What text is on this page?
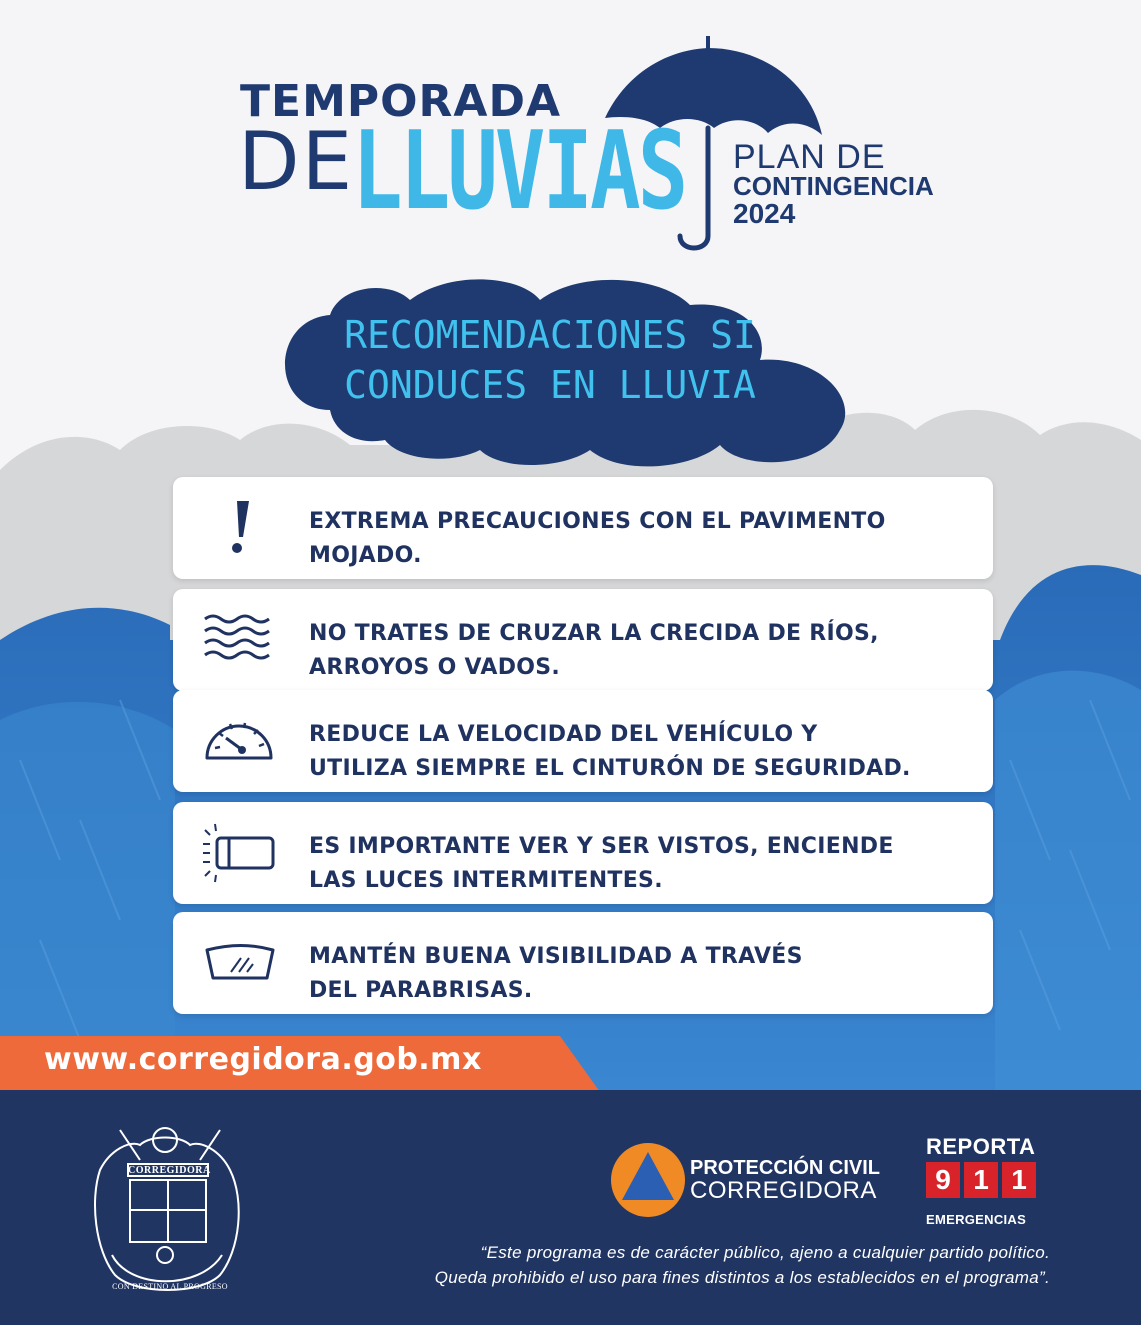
TEMPORADA
DE
LLUVIAS PLAN DE
CONTINGENCIA
2024
RECOMENDACIONES SI
CONDUCES EN LLUVIA
EXTREMA PRECAUCIONES CON EL PAVIMENTO
MOJADO.
NO TRATES DE CRUZAR LA CRECIDA DE RÍOS,
ARROYOS O VADOS.
REDUCE LA VELOCIDAD DEL VEHÍCULO Y
UTILIZA SIEMPRE EL CINTURÓN DE SEGURIDAD.
ES IMPORTANTE VER Y SER VISTOS, ENCIENDE
LAS LUCES INTERMITENTES.
MANTÉN BUENA VISIBILIDAD A TRAVÉS
DEL PARABRISAS.
www.corregidora.gob.mx
CORREGIDORA
CON DESTINO AL PROGRESO
PROTECCIÓN CIVIL
CORREGIDORA
REPORTA
9 1 1
EMERGENCIAS
“Este programa es de carácter público, ajeno a cualquier partido político.
Queda prohibido el uso para fines distintos a los establecidos en el programa”.
